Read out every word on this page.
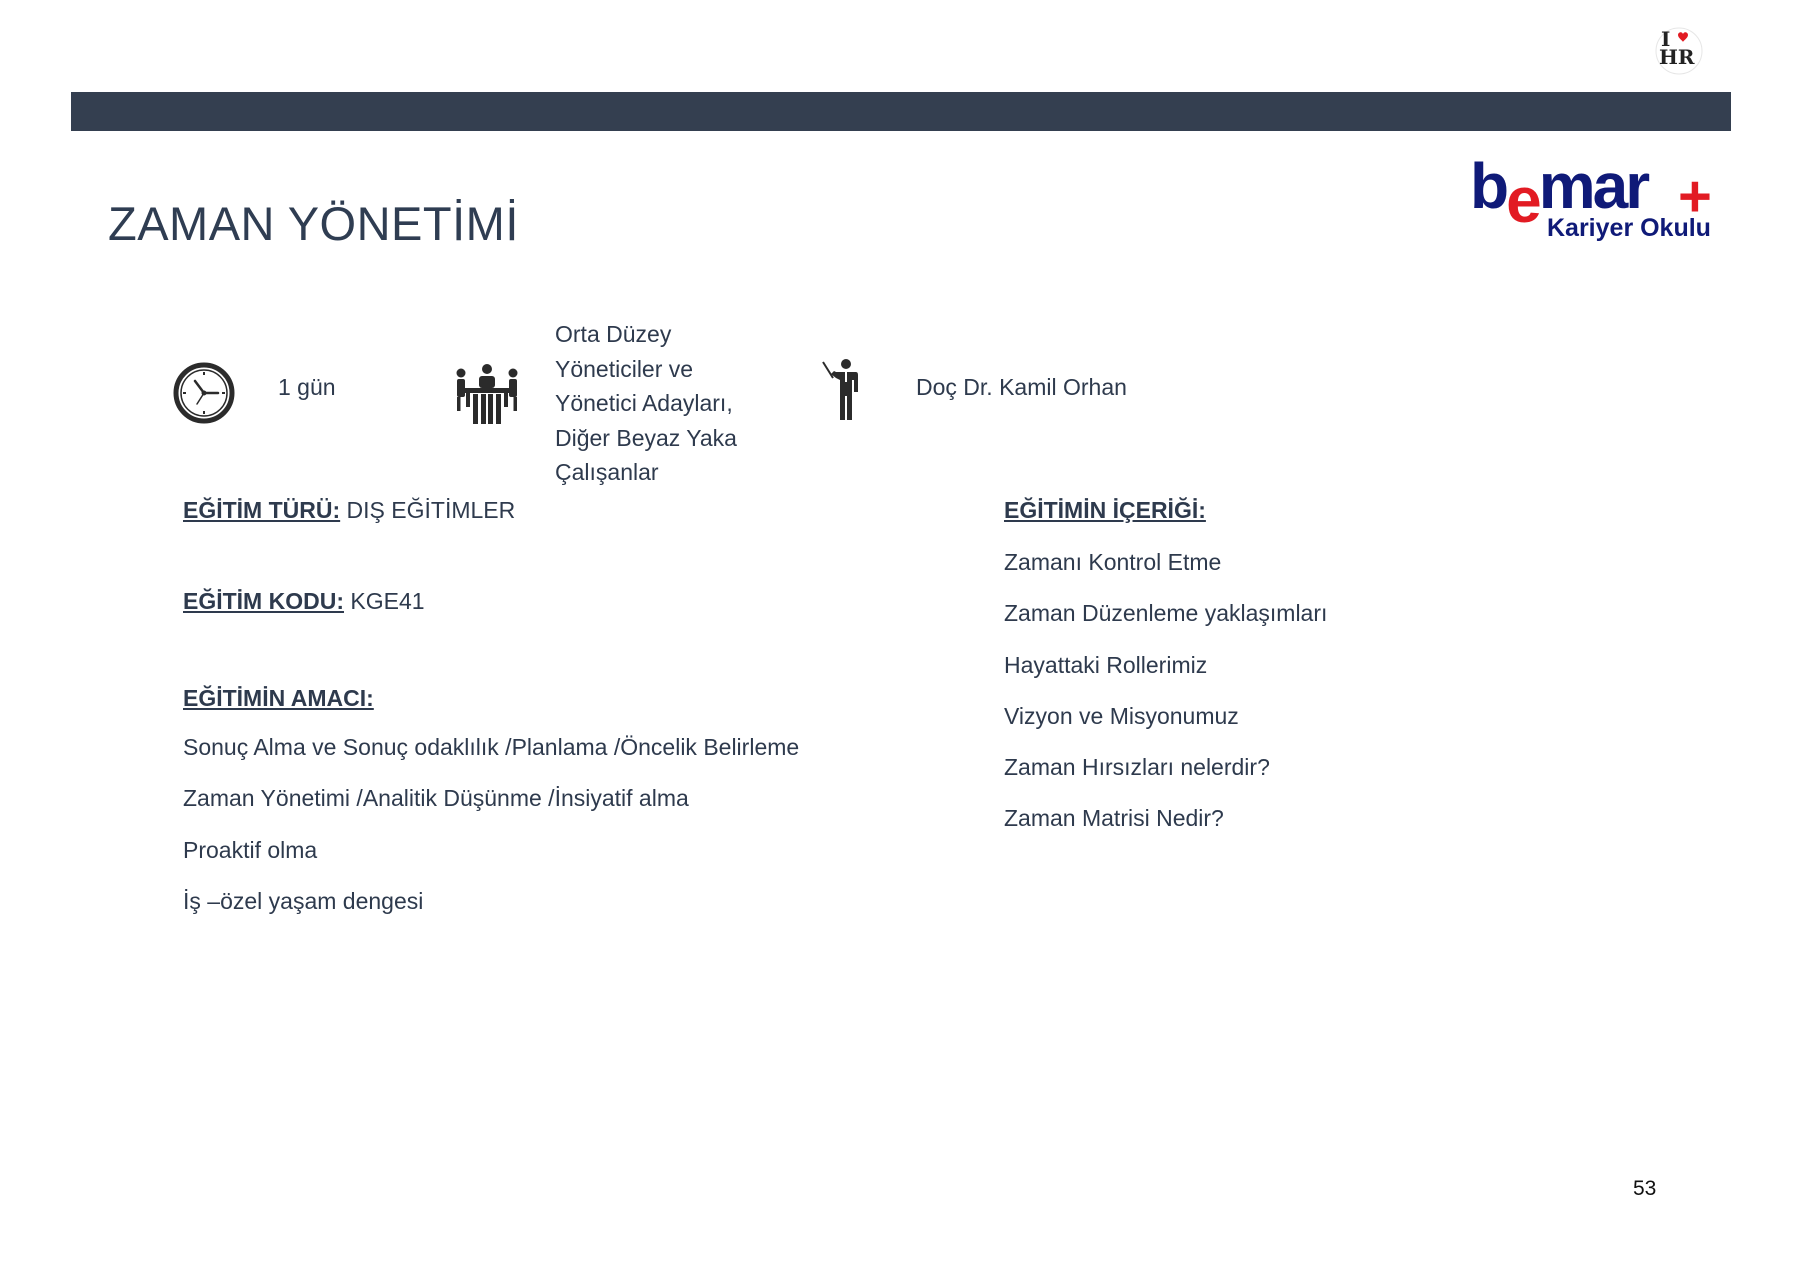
I
HR
ZAMAN YÖNETİMİ
bemar +
Kariyer Okulu
1 gün
Orta Düzey
Yöneticiler ve
Yönetici Adayları,
Diğer Beyaz Yaka
Çalışanlar
Doç Dr. Kamil Orhan
EĞİTİM TÜRÜ: DIŞ EĞİTİMLER
EĞİTİM KODU: KGE41
EĞİTİMİN AMACI:
Sonuç Alma ve Sonuç odaklılık /Planlama /Öncelik Belirleme
Zaman Yönetimi /Analitik Düşünme /İnsiyatif alma
Proaktif olma
İş –özel yaşam dengesi
EĞİTİMİN İÇERİĞİ:
Zamanı Kontrol Etme
Zaman Düzenleme yaklaşımları
Hayattaki Rollerimiz
Vizyon ve Misyonumuz
Zaman Hırsızları nelerdir?
Zaman Matrisi Nedir?
53
